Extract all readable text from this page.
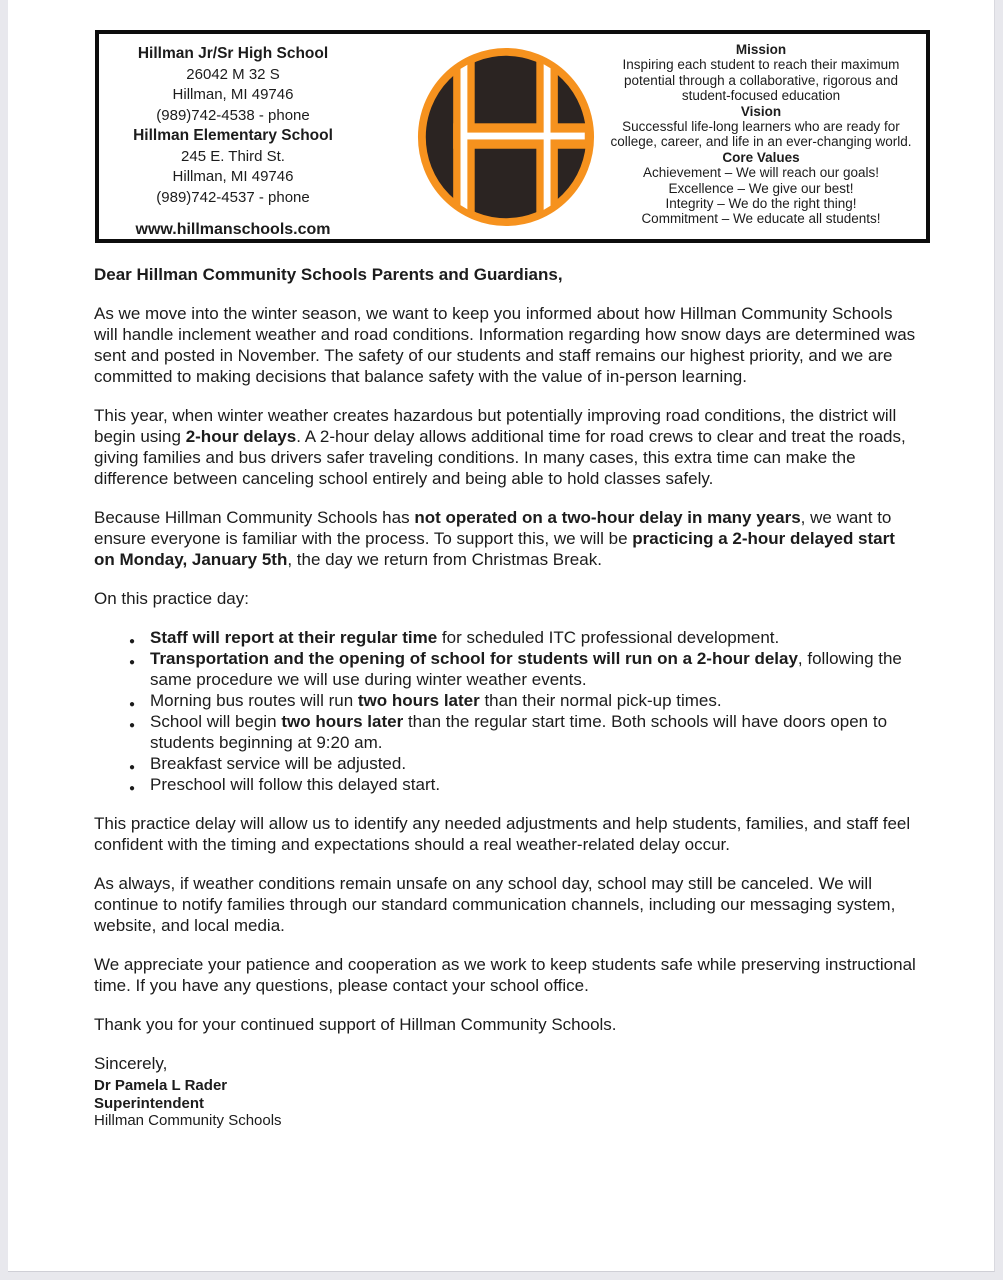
Hillman Jr/Sr High School
26042 M 32 S
Hillman, MI 49746
(989)742-4538 - phone
Hillman Elementary School
245 E. Third St.
Hillman, MI 49746
(989)742-4537 - phone
www.hillmanschools.com
Mission
Inspiring each student to reach their maximum potential through a collaborative, rigorous and student-focused education
Vision
Successful life-long learners who are ready for college, career, and life in an ever-changing world.
Core Values
Achievement – We will reach our goals!
Excellence – We give our best!
Integrity – We do the right thing!
Commitment – We educate all students!

Dear Hillman Community Schools Parents and Guardians,

As we move into the winter season, we want to keep you informed about how Hillman Community Schools will handle inclement weather and road conditions. Information regarding how snow days are determined was sent and posted in November. The safety of our students and staff remains our highest priority, and we are committed to making decisions that balance safety with the value of in-person learning.

This year, when winter weather creates hazardous but potentially improving road conditions, the district will begin using 2-hour delays. A 2-hour delay allows additional time for road crews to clear and treat the roads, giving families and bus drivers safer traveling conditions. In many cases, this extra time can make the difference between canceling school entirely and being able to hold classes safely.

Because Hillman Community Schools has not operated on a two-hour delay in many years, we want to ensure everyone is familiar with the process. To support this, we will be practicing a 2-hour delayed start on Monday, January 5th, the day we return from Christmas Break.

On this practice day:

● Staff will report at their regular time for scheduled ITC professional development.
● Transportation and the opening of school for students will run on a 2-hour delay, following the same procedure we will use during winter weather events.
● Morning bus routes will run two hours later than their normal pick-up times.
● School will begin two hours later than the regular start time. Both schools will have doors open to students beginning at 9:20 am.
● Breakfast service will be adjusted.
● Preschool will follow this delayed start.

This practice delay will allow us to identify any needed adjustments and help students, families, and staff feel confident with the timing and expectations should a real weather-related delay occur.

As always, if weather conditions remain unsafe on any school day, school may still be canceled. We will continue to notify families through our standard communication channels, including our messaging system, website, and local media.

We appreciate your patience and cooperation as we work to keep students safe while preserving instructional time. If you have any questions, please contact your school office.

Thank you for your continued support of Hillman Community Schools.

Sincerely,

Dr Pamela L Rader
Superintendent
Hillman Community Schools
